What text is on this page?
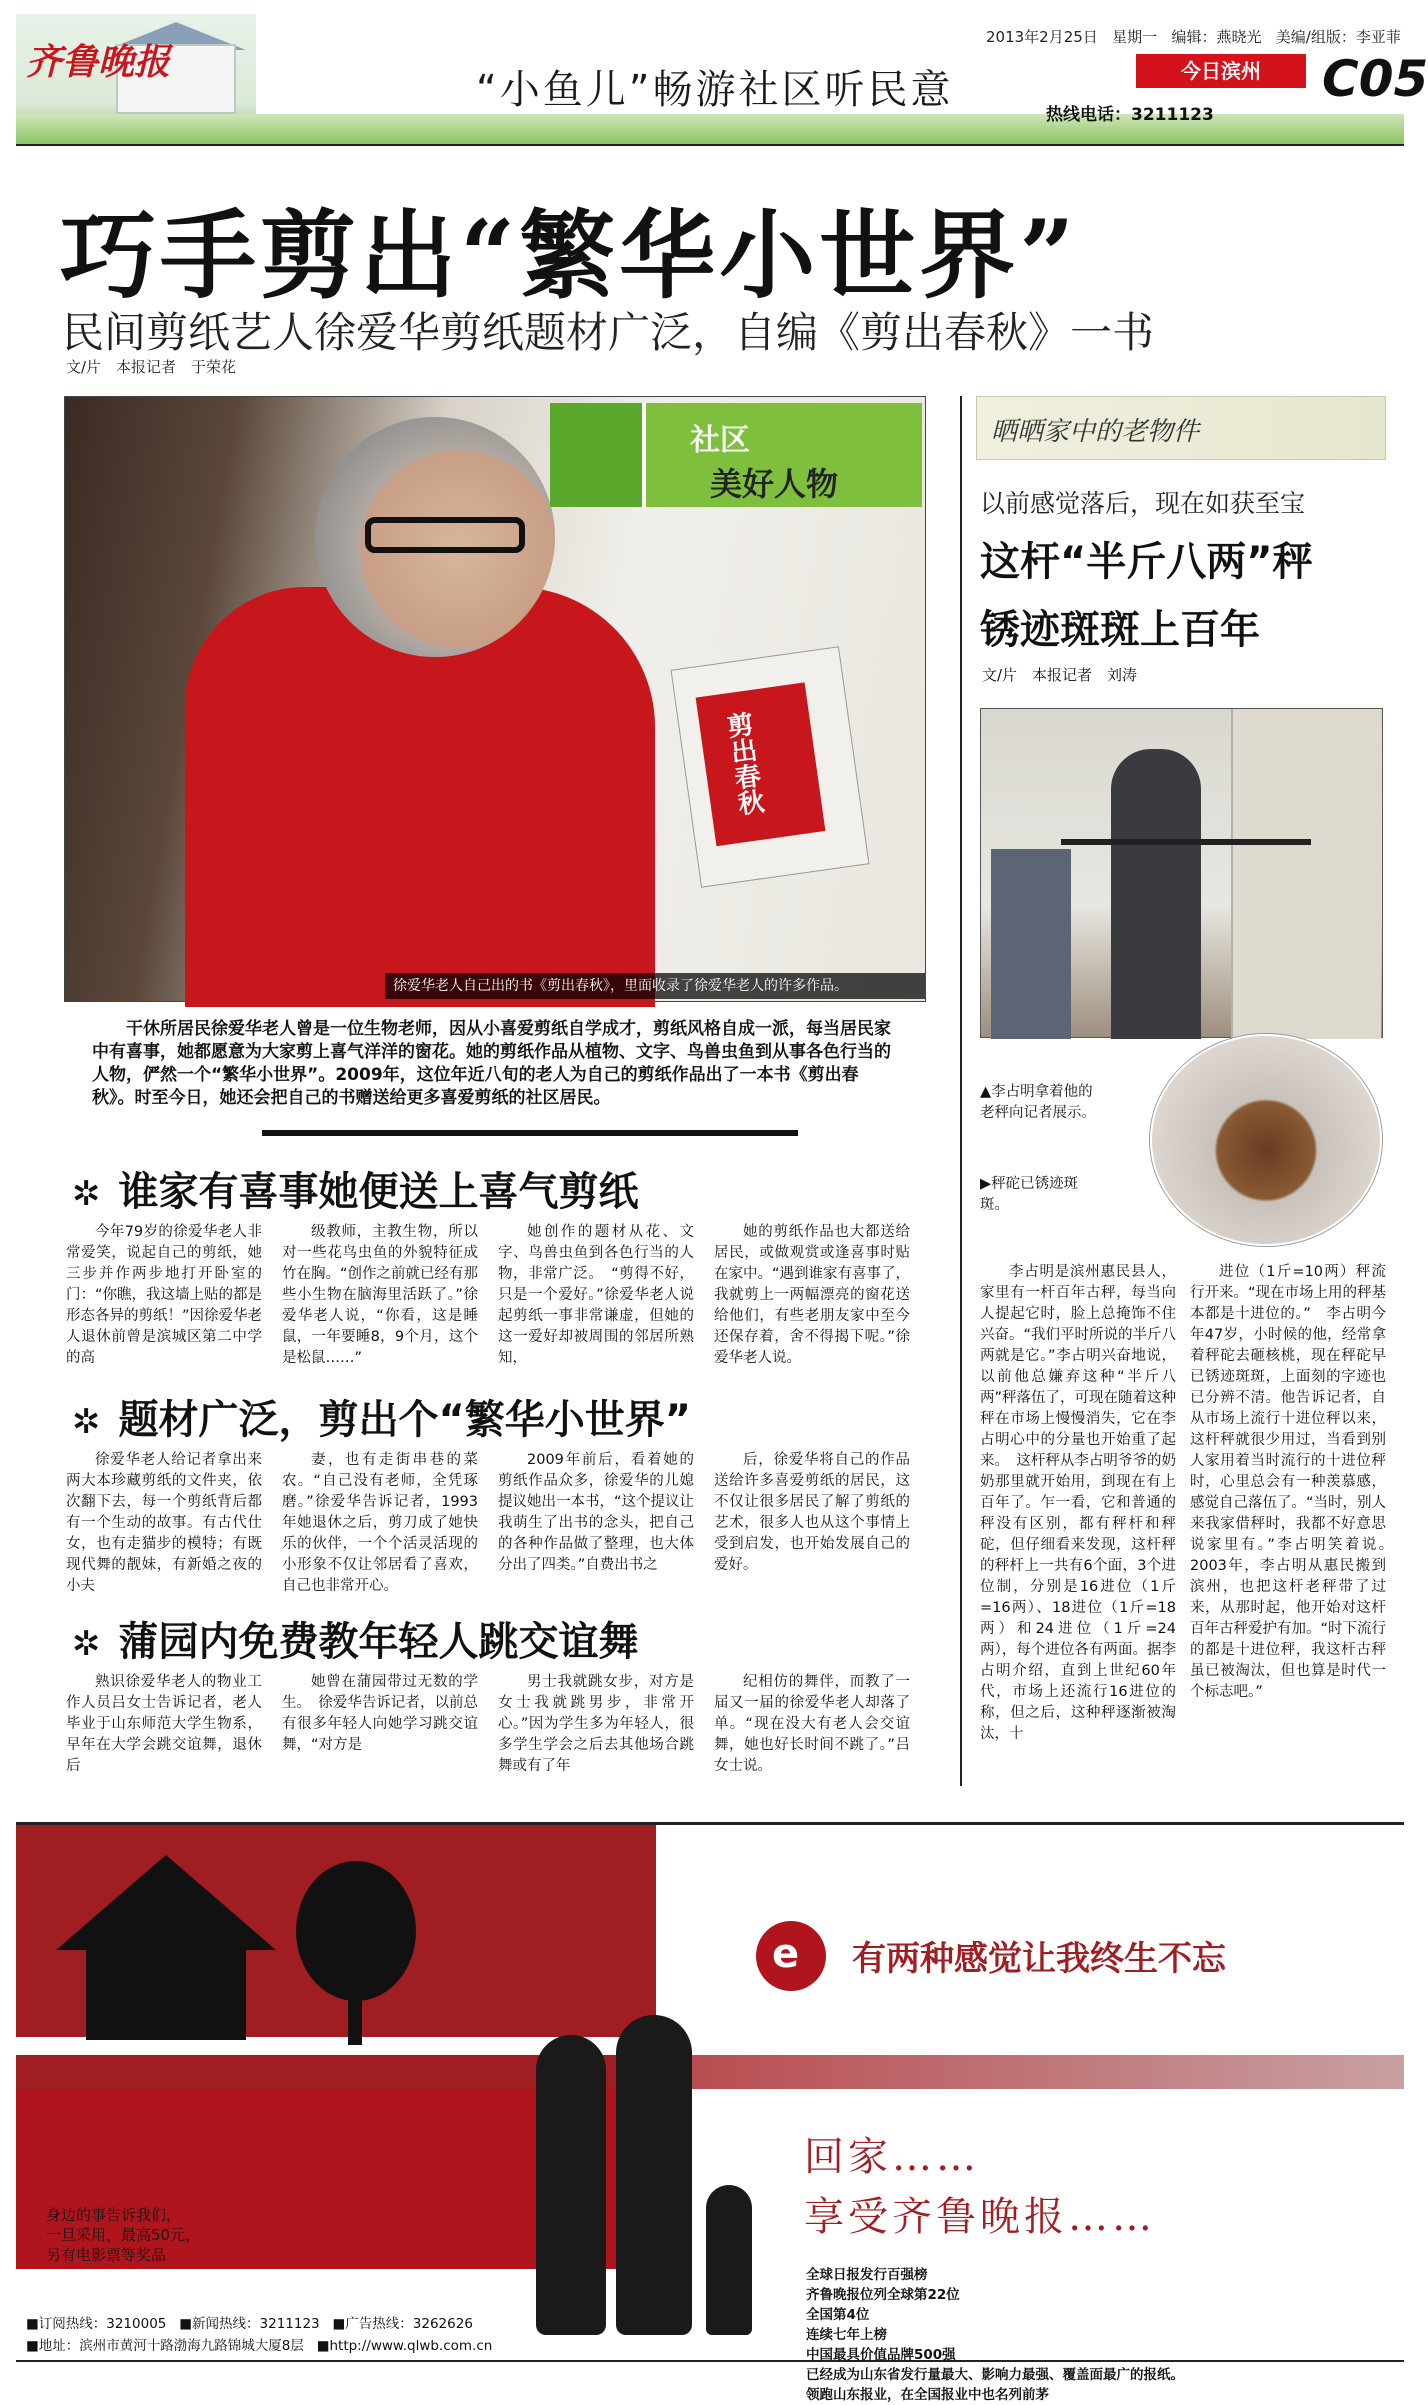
齐鲁晚报
“小鱼儿”畅游社区听民意
2013年2月25日 星期一 编辑：燕晓光 美编/组版：李亚菲
今日滨州
热线电话：3211123
C05
巧手剪出“繁华小世界”
民间剪纸艺人徐爱华剪纸题材广泛，自编《剪出春秋》一书
文/片　本报记者　于荣花
剪出春秋
社区
美好人物
徐爱华老人自己出的书《剪出春秋》，里面收录了徐爱华老人的许多作品。
干休所居民徐爱华老人曾是一位生物老师，因从小喜爱剪纸自学成才，剪纸风格自成一派，每当居民家中有喜事，她都愿意为大家剪上喜气洋洋的窗花。她的剪纸作品从植物、文字、鸟兽虫鱼到从事各色行当的人物，俨然一个“繁华小世界”。2009年，这位年近八旬的老人为自己的剪纸作品出了一本书《剪出春秋》。时至今日，她还会把自己的书赠送给更多喜爱剪纸的社区居民。
✲ 谁家有喜事她便送上喜气剪纸

今年79岁的徐爱华老人非常爱笑，说起自己的剪纸，她三步并作两步地打开卧室的门：“你瞧，我这墙上贴的都是形态各异的剪纸！”因徐爱华老人退休前曾是滨城区第二中学的高

级教师，主教生物，所以对一些花鸟虫鱼的外貌特征成竹在胸。“创作之前就已经有那些小生物在脑海里活跃了。”徐爱华老人说，“你看，这是睡鼠，一年要睡8，9个月，这个是松鼠……”

她创作的题材从花、文字、鸟兽虫鱼到各色行当的人物，非常广泛。　“剪得不好，只是一个爱好。”徐爱华老人说起剪纸一事非常谦虚，但她的这一爱好却被周围的邻居所熟知，

她的剪纸作品也大都送给居民，或做观赏或逢喜事时贴在家中。“遇到谁家有喜事了，我就剪上一两幅漂亮的窗花送给他们，有些老朋友家中至今还保存着，舍不得揭下呢。”徐爱华老人说。

✲ 题材广泛，剪出个“繁华小世界”

徐爱华老人给记者拿出来两大本珍藏剪纸的文件夹，依次翻下去，每一个剪纸背后都有一个生动的故事。有古代仕女，也有走猫步的模特；有既现代舞的靓妹，有新婚之夜的小夫

妻，也有走街串巷的菜农。“自己没有老师，全凭琢磨。”徐爱华告诉记者，1993年她退休之后，剪刀成了她快乐的伙伴，一个个活灵活现的小形象不仅让邻居看了喜欢，自己也非常开心。

2009年前后，看着她的剪纸作品众多，徐爱华的儿媳提议她出一本书，“这个提议让我萌生了出书的念头，把自己的各种作品做了整理，也大体分出了四类。”自费出书之

后，徐爱华将自己的作品送给许多喜爱剪纸的居民，这不仅让很多居民了解了剪纸的艺术，很多人也从这个事情上受到启发，也开始发展自己的爱好。

✲ 蒲园内免费教年轻人跳交谊舞

熟识徐爱华老人的物业工作人员吕女士告诉记者，老人毕业于山东师范大学生物系，早年在大学会跳交谊舞，退休后

她曾在蒲园带过无数的学生。　徐爱华告诉记者，以前总有很多年轻人向她学习跳交谊舞，“对方是

男士我就跳女步，对方是女士我就跳男步，非常开心。”因为学生多为年轻人，很多学生学会之后去其他场合跳舞或有了年

纪相仿的舞伴，而教了一届又一届的徐爱华老人却落了单。“现在没大有老人会交谊舞，她也好长时间不跳了。”吕女士说。

晒晒家中的老物件
以前感觉落后，现在如获至宝
这杆“半斤八两”秤
锈迹斑斑上百年
文/片　本报记者　刘涛
▲李占明拿着他的老秤向记者展示。
▶秤砣已锈迹斑斑。

李占明是滨州惠民县人，家里有一杆百年古秤，每当向人提起它时，脸上总掩饰不住兴奋。“我们平时所说的半斤八两就是它。”李占明兴奋地说，以前他总嫌弃这种“半斤八两”秤落伍了，可现在随着这种秤在市场上慢慢消失，它在李占明心中的分量也开始重了起来。　这杆秤从李占明爷爷的奶奶那里就开始用，到现在有上百年了。乍一看，它和普通的秤没有区别，都有秤杆和秤砣，但仔细看来发现，这杆秤的秤杆上一共有6个面，3个进位制，分别是16进位（1斤=16两）、18进位（1斤=18两）和24进位（1斤=24两），每个进位各有两面。据李占明介绍，直到上世纪60年代，市场上还流行16进位的称，但之后，这种秤逐渐被淘汰，十

进位（1斤=10两）秤流行开来。“现在市场上用的秤基本都是十进位的。”　李占明今年47岁，小时候的他，经常拿着秤砣去砸核桃，现在秤砣早已锈迹斑斑，上面刻的字迹也已分辨不清。他告诉记者，自从市场上流行十进位秤以来，这杆秤就很少用过，当看到别人家用着当时流行的十进位秤时，心里总会有一种羡慕感，感觉自己落伍了。“当时，别人来我家借秤时，我都不好意思说家里有。”李占明笑着说。　2003年，李占明从惠民搬到滨州，也把这杆老秤带了过来，从那时起，他开始对这杆百年古秤爱护有加。“时下流行的都是十进位秤，我这杆古秤虽已被淘汰，但也算是时代一个标志吧。”

e 有两种感觉让我终生不忘
回家……
享受齐鲁晚报……
全球日报发行百强榜
齐鲁晚报位列全球第22位
全国第4位
连续七年上榜
中国最具价值品牌500强
已经成为山东省发行量最大、影响力最强、覆盖面最广的报纸。
领跑山东报业，在全国报业中也名列前茅
身边的事告诉我们，
一旦采用，最高50元，
另有电影票等奖品
■订阅热线：3210005 ■新闻热线：3211123 ■广告热线：3262626
■地址：滨州市黄河十路渤海九路锦城大厦8层 ■http://www.qlwb.com.cn
